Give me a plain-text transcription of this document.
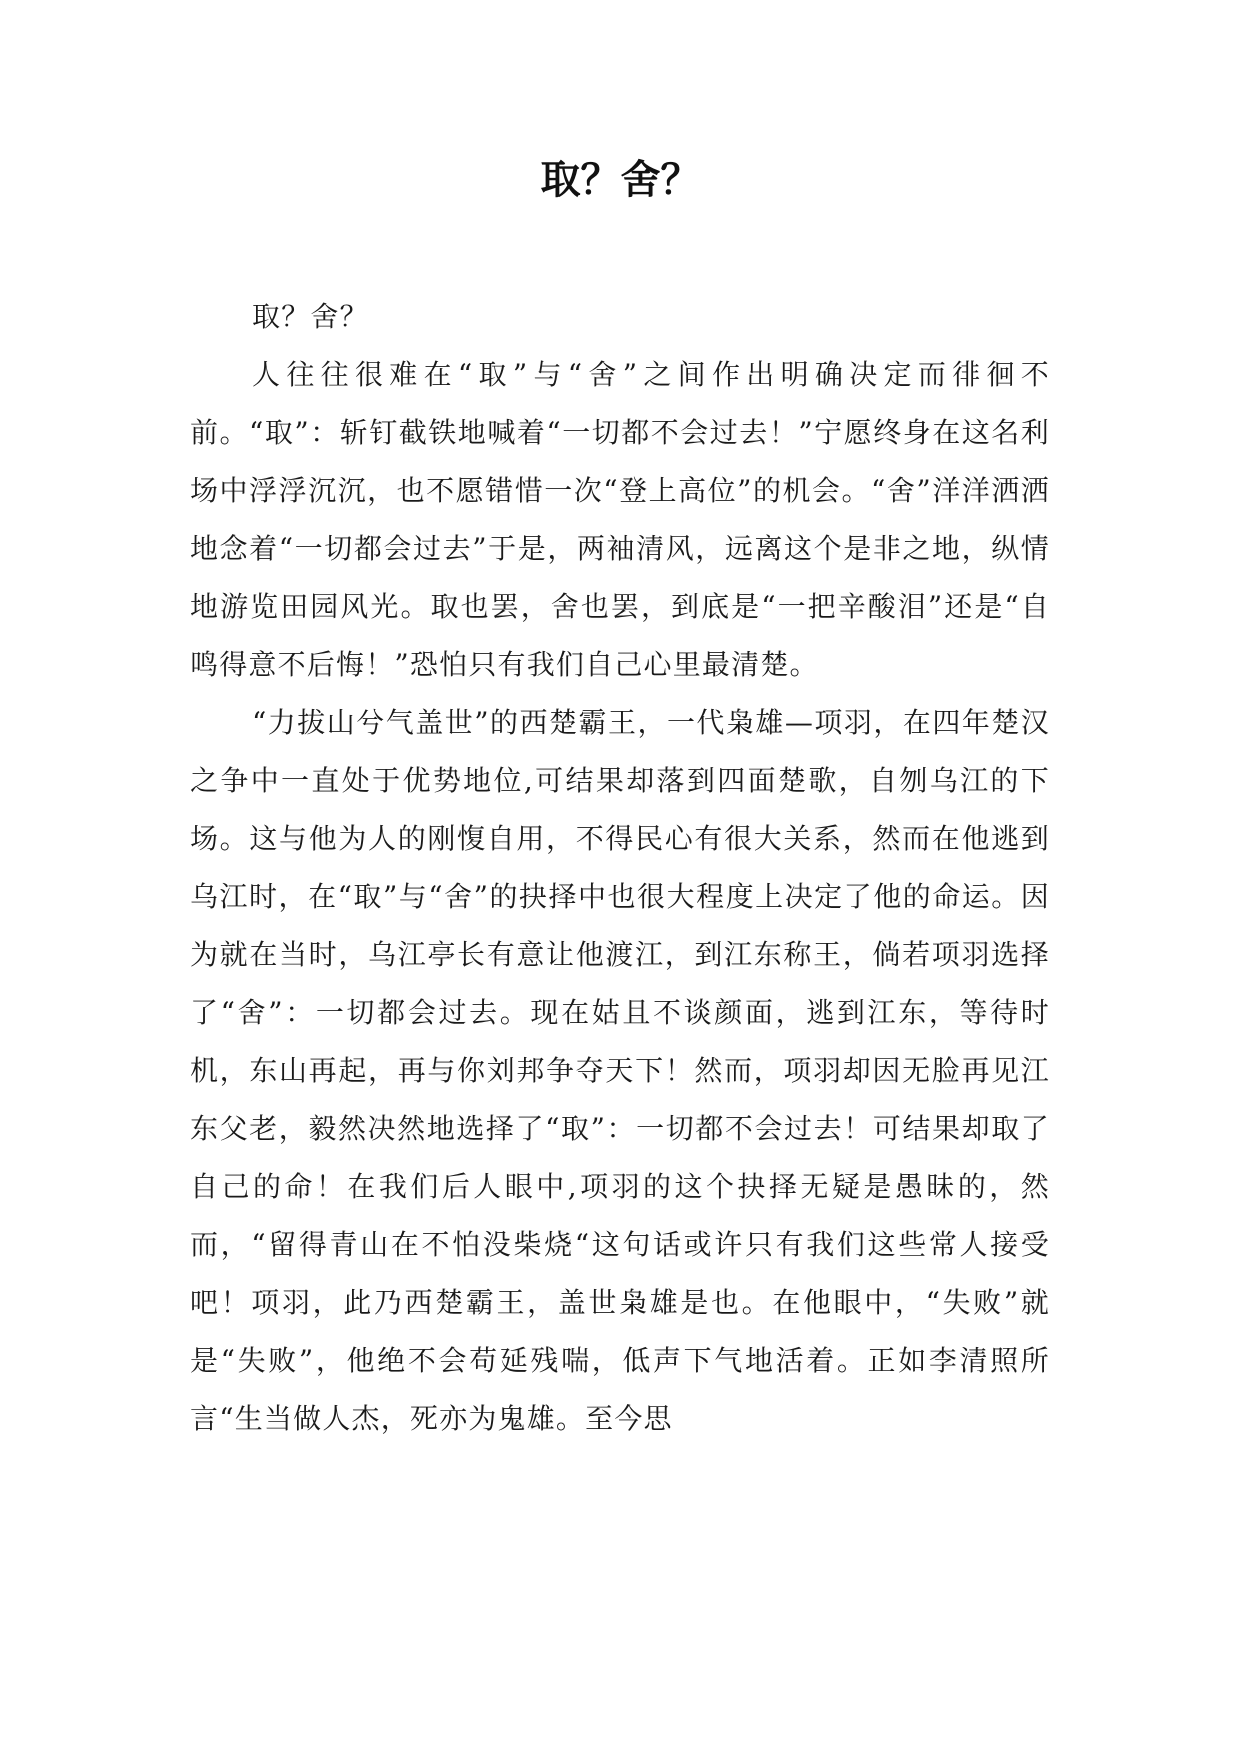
取？舍？

取？舍？

人往往很难在“取”与“舍”之间作出明确决定而徘徊不前。“取”：斩钉截铁地喊着“一切都不会过去！”宁愿终身在这名利场中浮浮沉沉，也不愿错惜一次“登上高位”的机会。“舍”洋洋洒洒地念着“一切都会过去”于是，两袖清风，远离这个是非之地，纵情地游览田园风光。取也罢，舍也罢，到底是“一把辛酸泪”还是“自鸣得意不后悔！”恐怕只有我们自己心里最清楚。

“力拔山兮气盖世”的西楚霸王，一代枭雄—项羽，在四年楚汉之争中一直处于优势地位,可结果却落到四面楚歌，自刎乌江的下场。这与他为人的刚愎自用，不得民心有很大关系，然而在他逃到乌江时，在“取”与“舍”的抉择中也很大程度上决定了他的命运。因为就在当时，乌江亭长有意让他渡江，到江东称王，倘若项羽选择了“舍”：一切都会过去。现在姑且不谈颜面，逃到江东，等待时机，东山再起，再与你刘邦争夺天下！然而，项羽却因无脸再见江东父老，毅然决然地选择了“取”：一切都不会过去！可结果却取了自己的命！在我们后人眼中,项羽的这个抉择无疑是愚昧的，然而，“留得青山在不怕没柴烧“这句话或许只有我们这些常人接受吧！项羽，此乃西楚霸王，盖世枭雄是也。在他眼中，“失败”就是“失败”，他绝不会苟延残喘，低声下气地活着。正如李清照所言“生当做人杰，死亦为鬼雄。至今思
